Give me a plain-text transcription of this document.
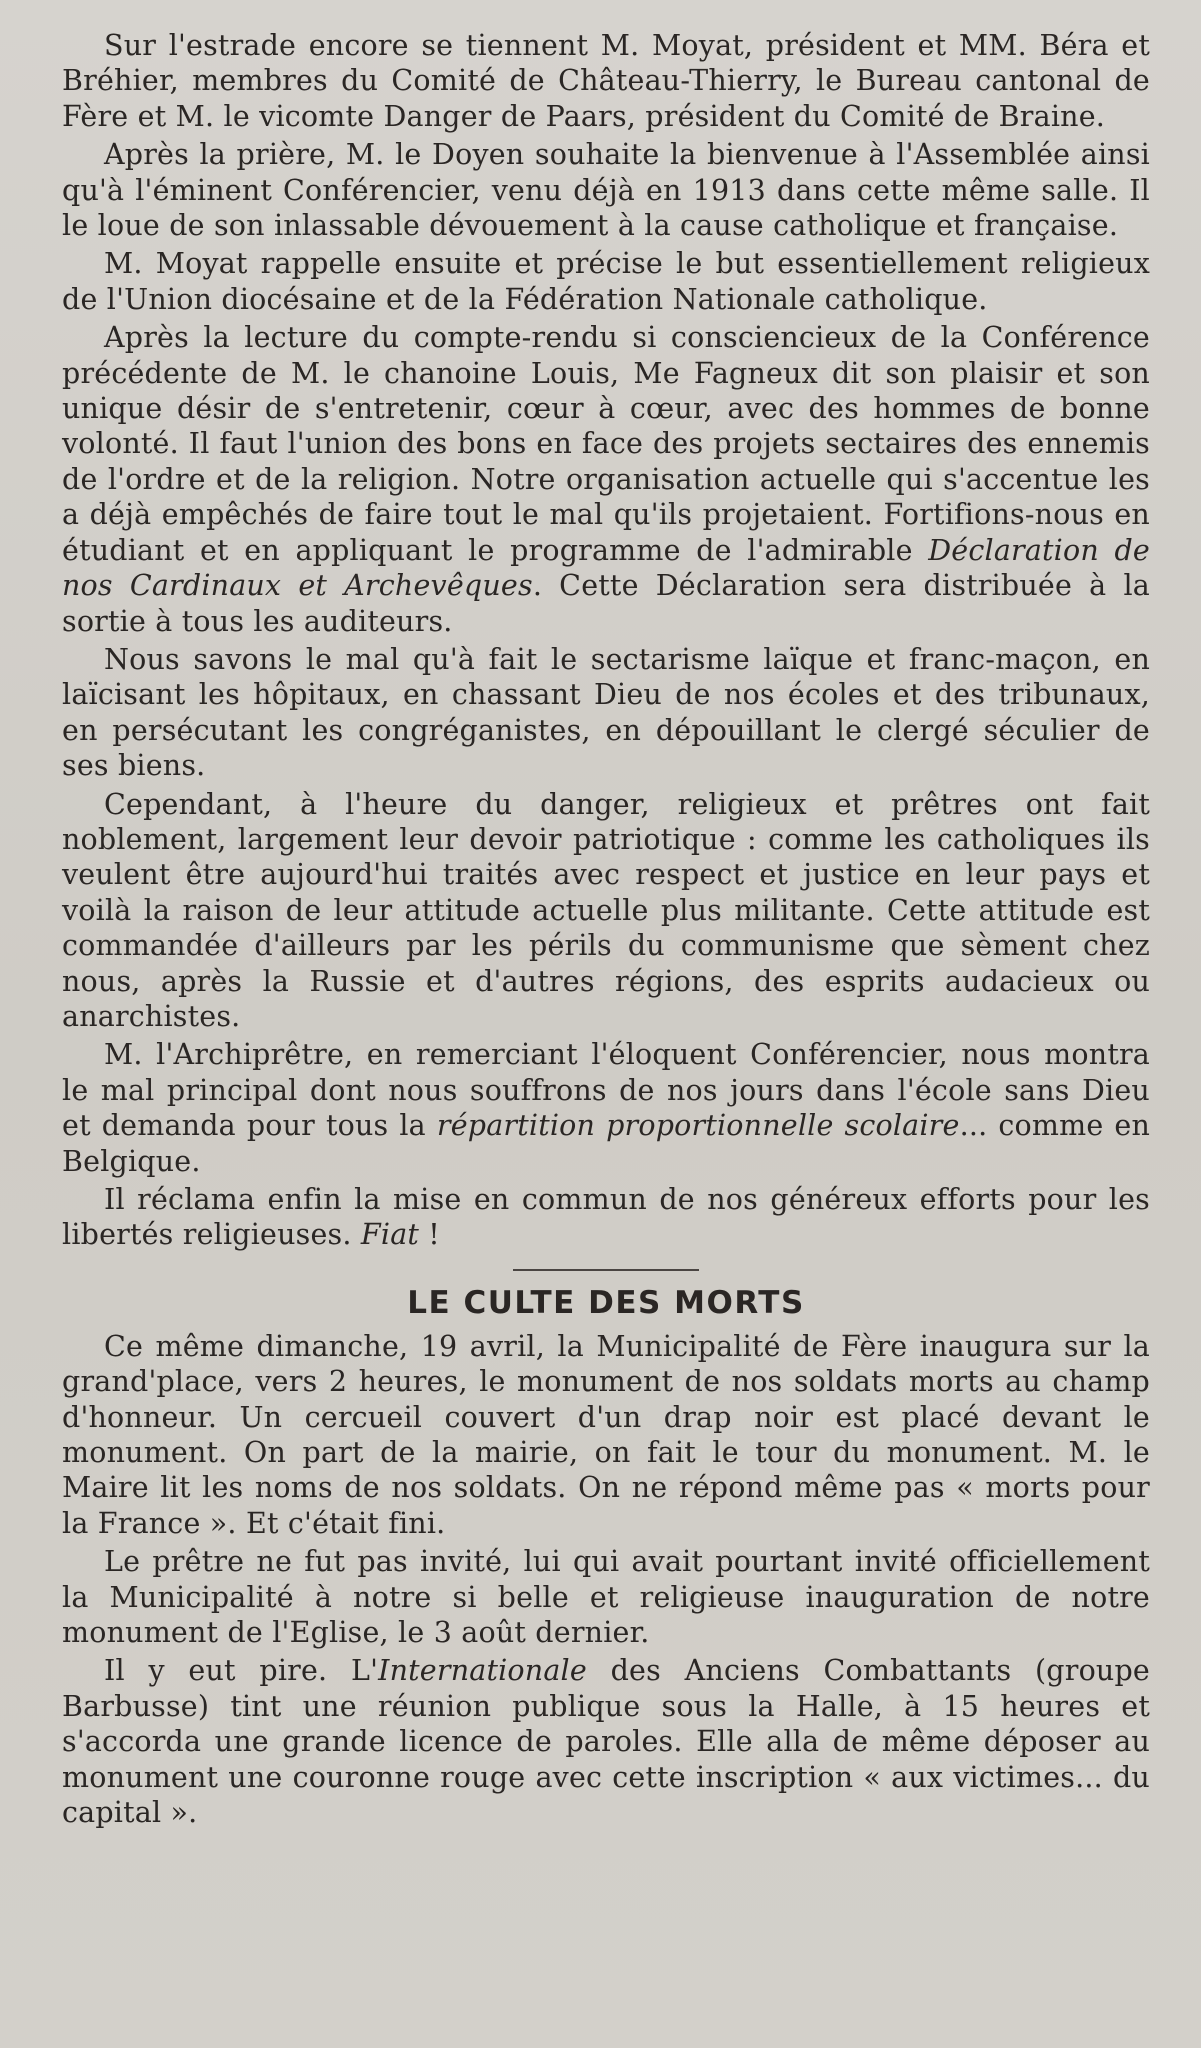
Sur l'estrade encore se tiennent M. Moyat, président et MM. Béra et Bréhier, membres du Comité de Château-Thierry, le Bureau cantonal de Fère et M. le vicomte Danger de Paars, président du Comité de Braine.

Après la prière, M. le Doyen souhaite la bienvenue à l'Assemblée ainsi qu'à l'éminent Conférencier, venu déjà en 1913 dans cette même salle. Il le loue de son inlassable dévouement à la cause catholique et française.

M. Moyat rappelle ensuite et précise le but essentiellement religieux de l'Union diocésaine et de la Fédération Nationale catholique.

Après la lecture du compte-rendu si consciencieux de la Conférence précédente de M. le chanoine Louis, Me Fagneux dit son plaisir et son unique désir de s'entretenir, cœur à cœur, avec des hommes de bonne volonté. Il faut l'union des bons en face des projets sectaires des ennemis de l'ordre et de la religion. Notre organisation actuelle qui s'accentue les a déjà empêchés de faire tout le mal qu'ils projetaient. Fortifions-nous en étudiant et en appliquant le programme de l'admirable Déclaration de nos Cardinaux et Archevêques. Cette Déclaration sera distribuée à la sortie à tous les auditeurs.

Nous savons le mal qu'à fait le sectarisme laïque et franc-maçon, en laïcisant les hôpitaux, en chassant Dieu de nos écoles et des tribunaux, en persécutant les congréganistes, en dépouillant le clergé séculier de ses biens.

Cependant, à l'heure du danger, religieux et prêtres ont fait noblement, largement leur devoir patriotique : comme les catholiques ils veulent être aujourd'hui traités avec respect et justice en leur pays et voilà la raison de leur attitude actuelle plus militante. Cette attitude est commandée d'ailleurs par les périls du communisme que sèment chez nous, après la Russie et d'autres régions, des esprits audacieux ou anarchistes.

M. l'Archiprêtre, en remerciant l'éloquent Conférencier, nous montra le mal principal dont nous souffrons de nos jours dans l'école sans Dieu et demanda pour tous la répartition proportionnelle scolaire... comme en Belgique.

Il réclama enfin la mise en commun de nos généreux efforts pour les libertés religieuses. Fiat !

LE CULTE DES MORTS

Ce même dimanche, 19 avril, la Municipalité de Fère inaugura sur la grand'place, vers 2 heures, le monument de nos soldats morts au champ d'honneur. Un cercueil couvert d'un drap noir est placé devant le monument. On part de la mairie, on fait le tour du monument. M. le Maire lit les noms de nos soldats. On ne répond même pas « morts pour la France ». Et c'était fini.

Le prêtre ne fut pas invité, lui qui avait pourtant invité officiellement la Municipalité à notre si belle et religieuse inauguration de notre monument de l'Eglise, le 3 août dernier.

Il y eut pire. L'Internationale des Anciens Combattants (groupe Barbusse) tint une réunion publique sous la Halle, à 15 heures et s'accorda une grande licence de paroles. Elle alla de même déposer au monument une couronne rouge avec cette inscription « aux victimes... du capital ».
